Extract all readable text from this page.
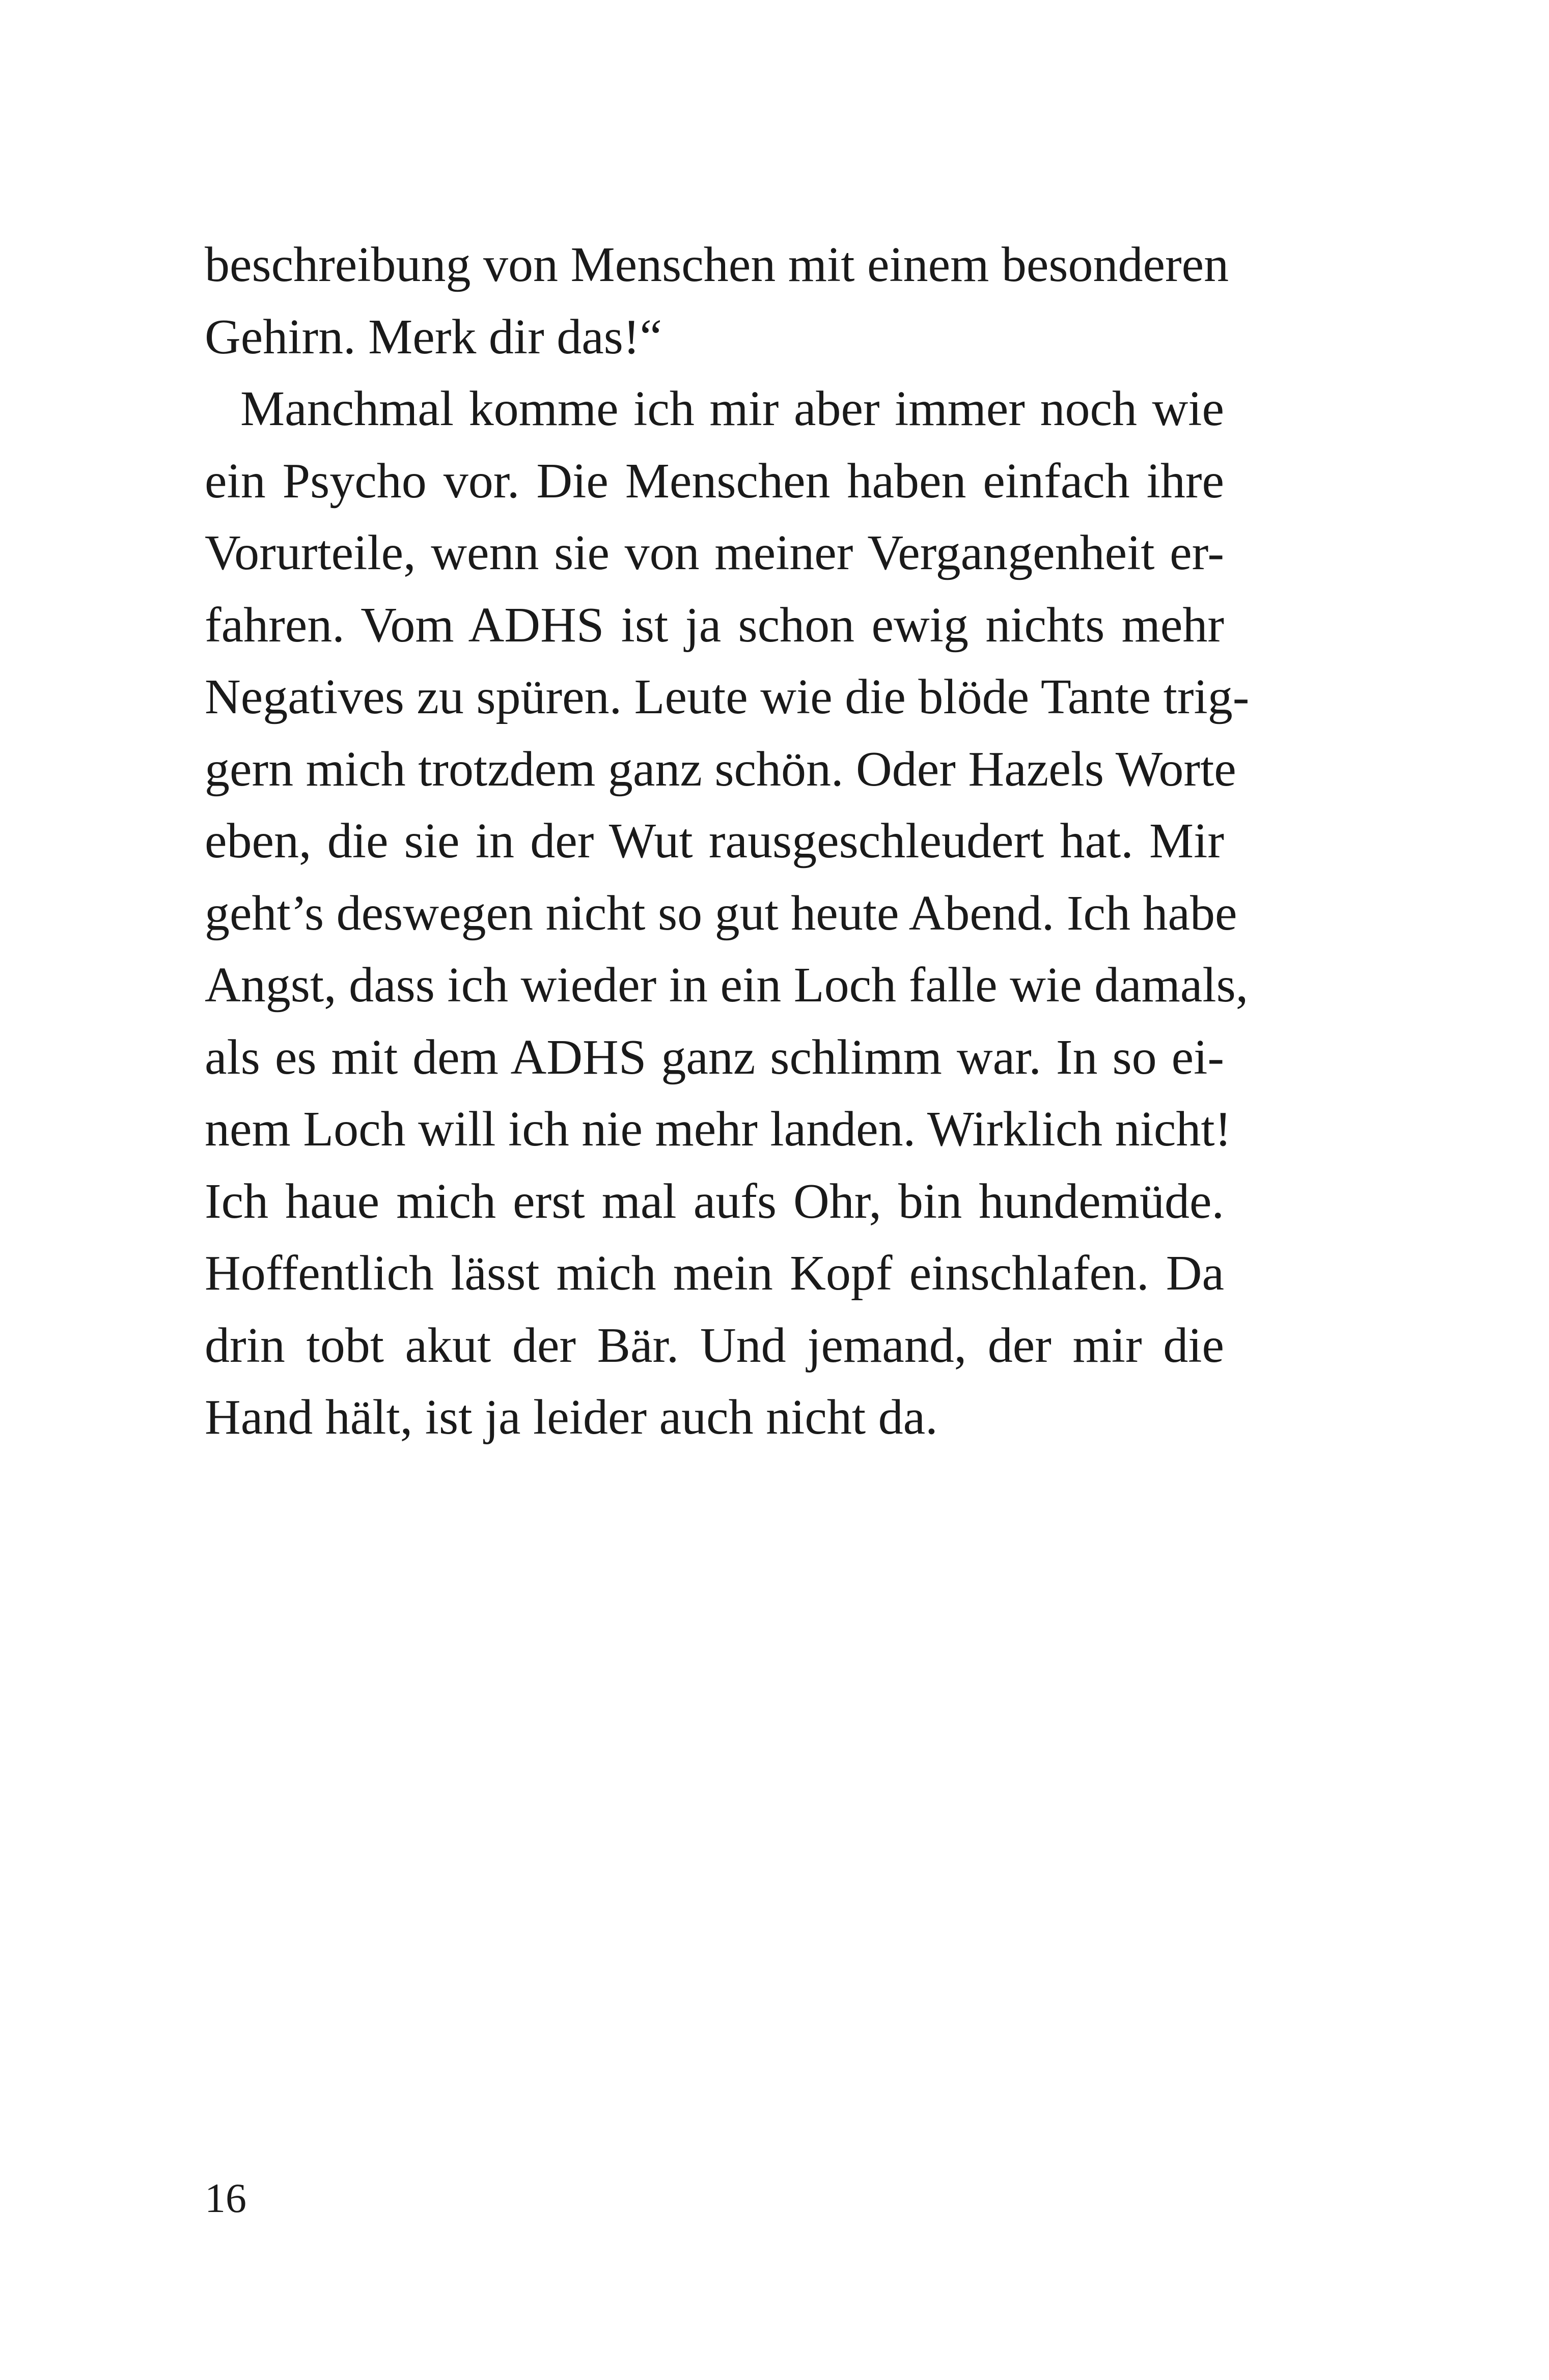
beschreibung von Menschen mit einem besonderen
Gehirn. Merk dir das!“
Manchmal komme ich mir aber immer noch wie
ein Psycho vor. Die Menschen haben einfach ihre
Vorurteile, wenn sie von meiner Vergangenheit er-
fahren. Vom ADHS ist ja schon ewig nichts mehr
Negatives zu spüren. Leute wie die blöde Tante trig-
gern mich trotzdem ganz schön. Oder Hazels Worte
eben, die sie in der Wut rausgeschleudert hat. Mir
geht’s deswegen nicht so gut heute Abend. Ich habe
Angst, dass ich wieder in ein Loch falle wie damals,
als es mit dem ADHS ganz schlimm war. In so ei-
nem Loch will ich nie mehr landen. Wirklich nicht!
Ich haue mich erst mal aufs Ohr, bin hundemüde.
Hoffentlich lässt mich mein Kopf einschlafen. Da
drin tobt akut der Bär. Und jemand, der mir die
Hand hält, ist ja leider auch nicht da.
16
